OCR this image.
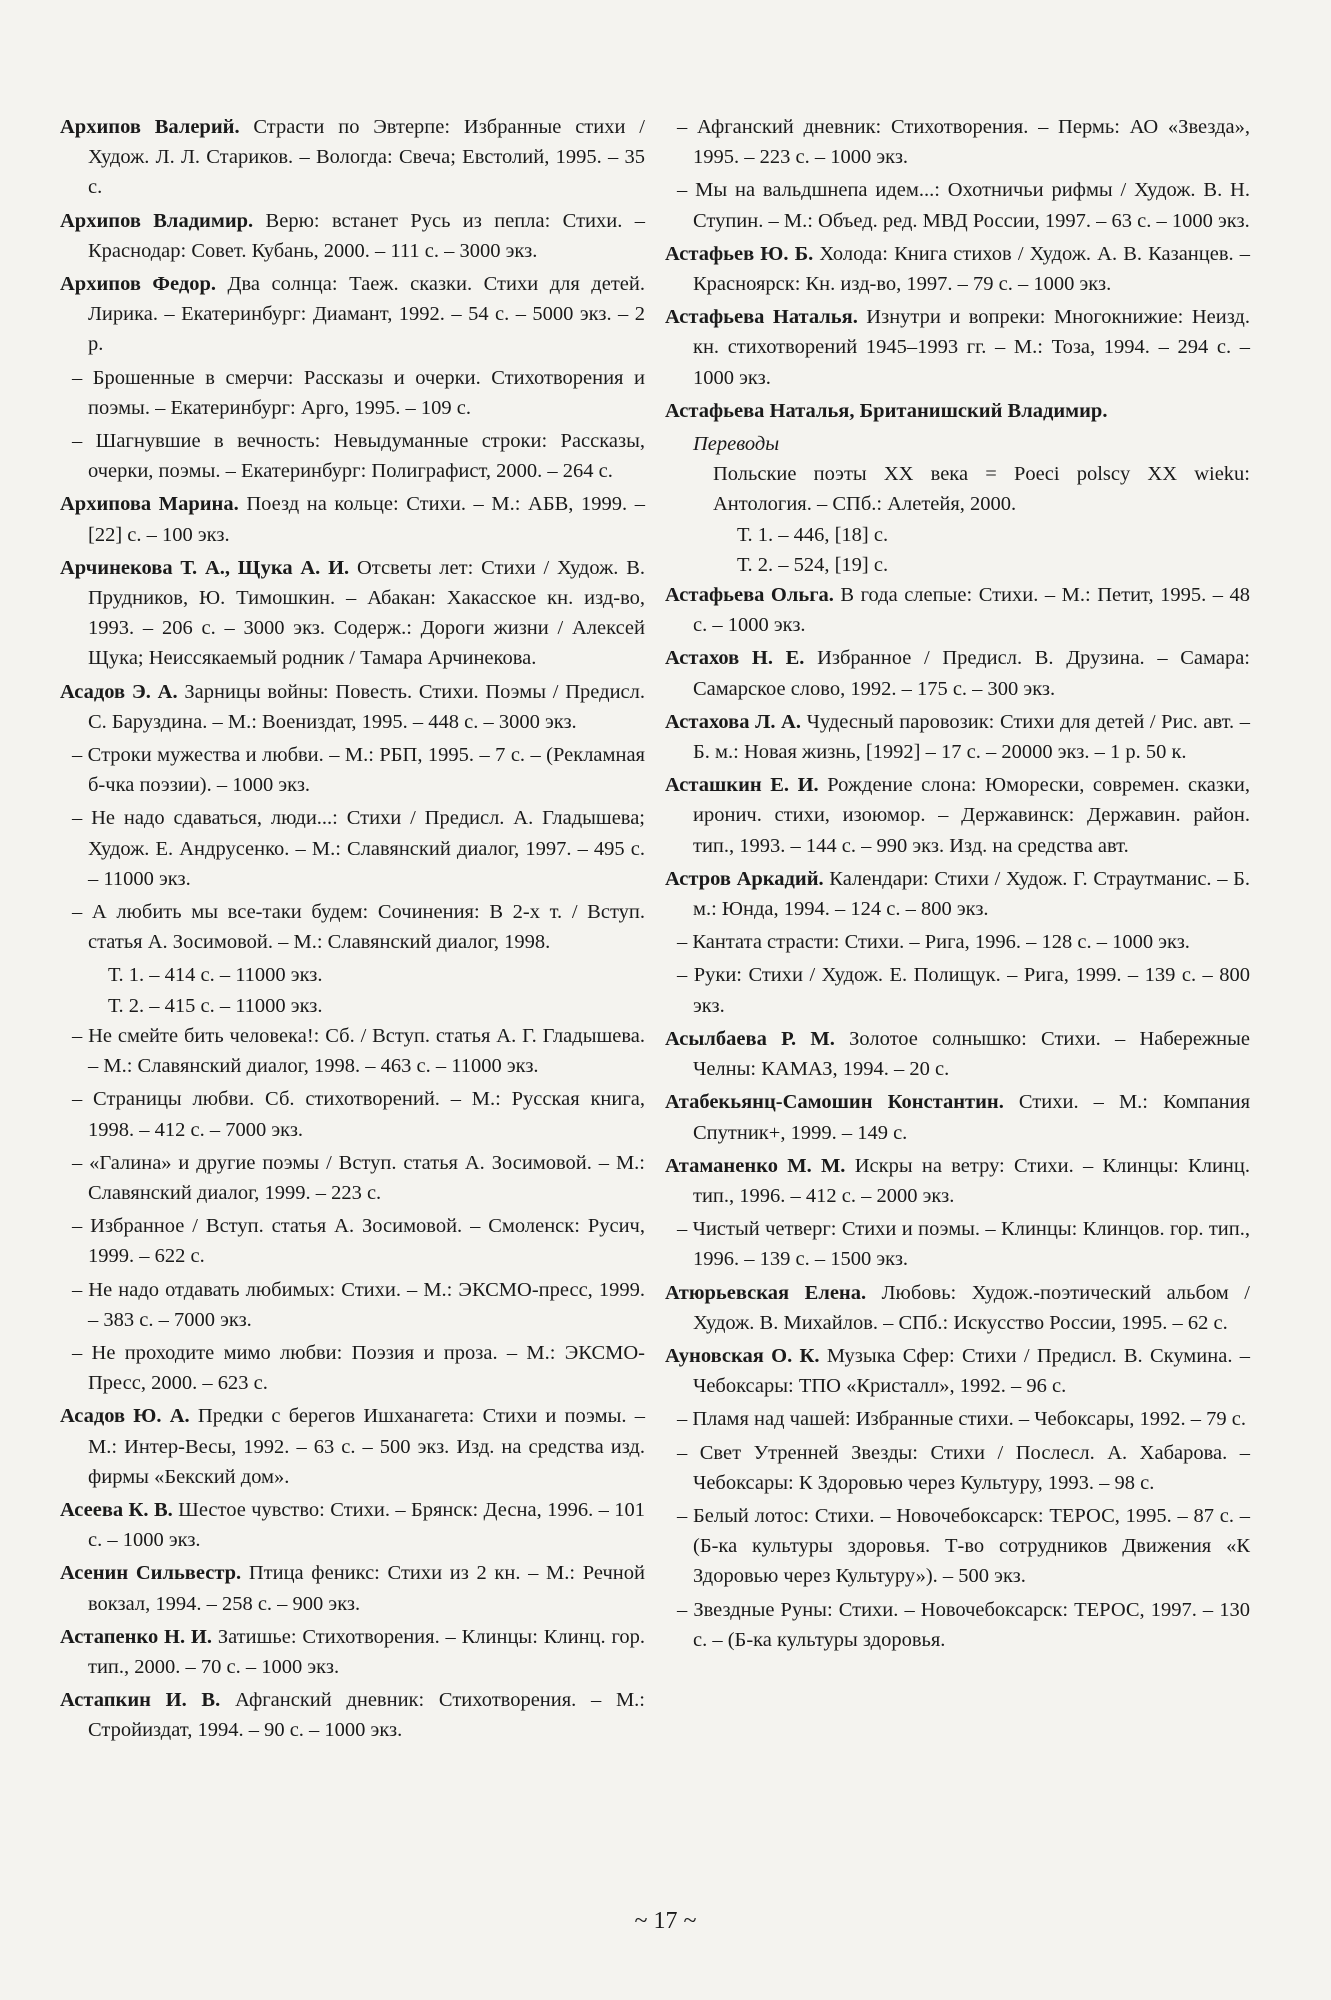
Архипов Валерий. Страсти по Эвтерпе: Избранные стихи / Худож. Л. Л. Стариков. – Вологда: Свеча; Евстолий, 1995. – 35 с.
Архипов Владимир. Верю: встанет Русь из пепла: Стихи. – Краснодар: Совет. Кубань, 2000. – 111 с. – 3000 экз.
Архипов Федор. Два солнца: Таеж. сказки. Стихи для детей. Лирика. – Екатеринбург: Диамант, 1992. – 54 с. – 5000 экз. – 2 р.
– Брошенные в смерчи: Рассказы и очерки. Стихотворения и поэмы. – Екатеринбург: Арго, 1995. – 109 с.
– Шагнувшие в вечность: Невыдуманные строки: Рассказы, очерки, поэмы. – Екатеринбург: Полиграфист, 2000. – 264 с.
Архипова Марина. Поезд на кольце: Стихи. – М.: АБВ, 1999. – [22] с. – 100 экз.
Арчинекова Т. А., Щука А. И. Отсветы лет: Стихи / Худож. В. Прудников, Ю. Тимошкин. – Абакан: Хакасское кн. изд-во, 1993. – 206 с. – 3000 экз. Содерж.: Дороги жизни / Алексей Щука; Неиссякаемый родник / Тамара Арчинекова.
Асадов Э. А. Зарницы войны: Повесть. Стихи. Поэмы / Предисл. С. Баруздина. – М.: Воениздат, 1995. – 448 с. – 3000 экз.
– Строки мужества и любви. – М.: РБП, 1995. – 7 с. – (Рекламная б-чка поэзии). – 1000 экз.
– Не надо сдаваться, люди...: Стихи / Предисл. А. Гладышева; Худож. Е. Андрусенко. – М.: Славянский диалог, 1997. – 495 с. – 11000 экз.
– А любить мы все-таки будем: Сочинения: В 2-х т. / Вступ. статья А. Зосимовой. – М.: Славянский диалог, 1998.
Т. 1. – 414 с. – 11000 экз.
Т. 2. – 415 с. – 11000 экз.
– Не смейте бить человека!: Сб. / Вступ. статья А. Г. Гладышева. – М.: Славянский диалог, 1998. – 463 с. – 11000 экз.
– Страницы любви. Сб. стихотворений. – М.: Русская книга, 1998. – 412 с. – 7000 экз.
– «Галина» и другие поэмы / Вступ. статья А. Зосимовой. – М.: Славянский диалог, 1999. – 223 с.
– Избранное / Вступ. статья А. Зосимовой. – Смоленск: Русич, 1999. – 622 с.
– Не надо отдавать любимых: Стихи. – М.: ЭКСМО-пресс, 1999. – 383 с. – 7000 экз.
– Не проходите мимо любви: Поэзия и проза. – М.: ЭКСМО-Пресс, 2000. – 623 с.
Асадов Ю. А. Предки с берегов Ишханагета: Стихи и поэмы. – М.: Интер-Весы, 1992. – 63 с. – 500 экз. Изд. на средства изд. фирмы «Бекский дом».
Асеева К. В. Шестое чувство: Стихи. – Брянск: Десна, 1996. – 101 с. – 1000 экз.
Асенин Сильвестр. Птица феникс: Стихи из 2 кн. – М.: Речной вокзал, 1994. – 258 с. – 900 экз.
Астапенко Н. И. Затишье: Стихотворения. – Клинцы: Клинц. гор. тип., 2000. – 70 с. – 1000 экз.
Астапкин И. В. Афганский дневник: Стихотворения. – М.: Стройиздат, 1994. – 90 с. – 1000 экз.
– Афганский дневник: Стихотворения. – Пермь: АО «Звезда», 1995. – 223 с. – 1000 экз.
– Мы на вальдшнепа идем...: Охотничьи рифмы / Худож. В. Н. Ступин. – М.: Объед. ред. МВД России, 1997. – 63 с. – 1000 экз.
Астафьев Ю. Б. Холода: Книга стихов / Худож. А. В. Казанцев. – Красноярск: Кн. изд-во, 1997. – 79 с. – 1000 экз.
Астафьева Наталья. Изнутри и вопреки: Многокнижие: Неизд. кн. стихотворений 1945–1993 гг. – М.: Тоза, 1994. – 294 с. – 1000 экз.
Астафьева Наталья, Британишский Владимир.
Переводы
Польские поэты XX века = Poeci polscy XX wieku: Антология. – СПб.: Алетейя, 2000.
Т. 1. – 446, [18] с.
Т. 2. – 524, [19] с.
Астафьева Ольга. В года слепые: Стихи. – М.: Петит, 1995. – 48 с. – 1000 экз.
Астахов Н. Е. Избранное / Предисл. В. Друзина. – Самара: Самарское слово, 1992. – 175 с. – 300 экз.
Астахова Л. А. Чудесный паровозик: Стихи для детей / Рис. авт. – Б. м.: Новая жизнь, [1992] – 17 с. – 20000 экз. – 1 р. 50 к.
Асташкин Е. И. Рождение слона: Юморески, современ. сказки, иронич. стихи, изоюмор. – Державинск: Державин. район. тип., 1993. – 144 с. – 990 экз. Изд. на средства авт.
Астров Аркадий. Календари: Стихи / Худож. Г. Страутманис. – Б. м.: Юнда, 1994. – 124 с. – 800 экз.
– Кантата страсти: Стихи. – Рига, 1996. – 128 с. – 1000 экз.
– Руки: Стихи / Худож. Е. Полищук. – Рига, 1999. – 139 с. – 800 экз.
Асылбаева Р. М. Золотое солнышко: Стихи. – Набережные Челны: КАМАЗ, 1994. – 20 с.
Атабекьянц-Самошин Константин. Стихи. – М.: Компания Спутник+, 1999. – 149 с.
Атаманенко М. М. Искры на ветру: Стихи. – Клинцы: Клинц. тип., 1996. – 412 с. – 2000 экз.
– Чистый четверг: Стихи и поэмы. – Клинцы: Клинцов. гор. тип., 1996. – 139 с. – 1500 экз.
Атюрьевская Елена. Любовь: Худож.-поэтический альбом / Худож. В. Михайлов. – СПб.: Искусство России, 1995. – 62 с.
Ауновская О. К. Музыка Сфер: Стихи / Предисл. В. Скумина. – Чебоксары: ТПО «Кристалл», 1992. – 96 с.
– Пламя над чашей: Избранные стихи. – Чебоксары, 1992. – 79 с.
– Свет Утренней Звезды: Стихи / Послесл. А. Хабарова. – Чебоксары: К Здоровью через Культуру, 1993. – 98 с.
– Белый лотос: Стихи. – Новочебоксарск: ТЕРОС, 1995. – 87 с. – (Б-ка культуры здоровья. Т-во сотрудников Движения «К Здоровью через Культуру»). – 500 экз.
– Звездные Руны: Стихи. – Новочебоксарск: ТЕРОС, 1997. – 130 с. – (Б-ка культуры здоровья.
~ 17 ~
